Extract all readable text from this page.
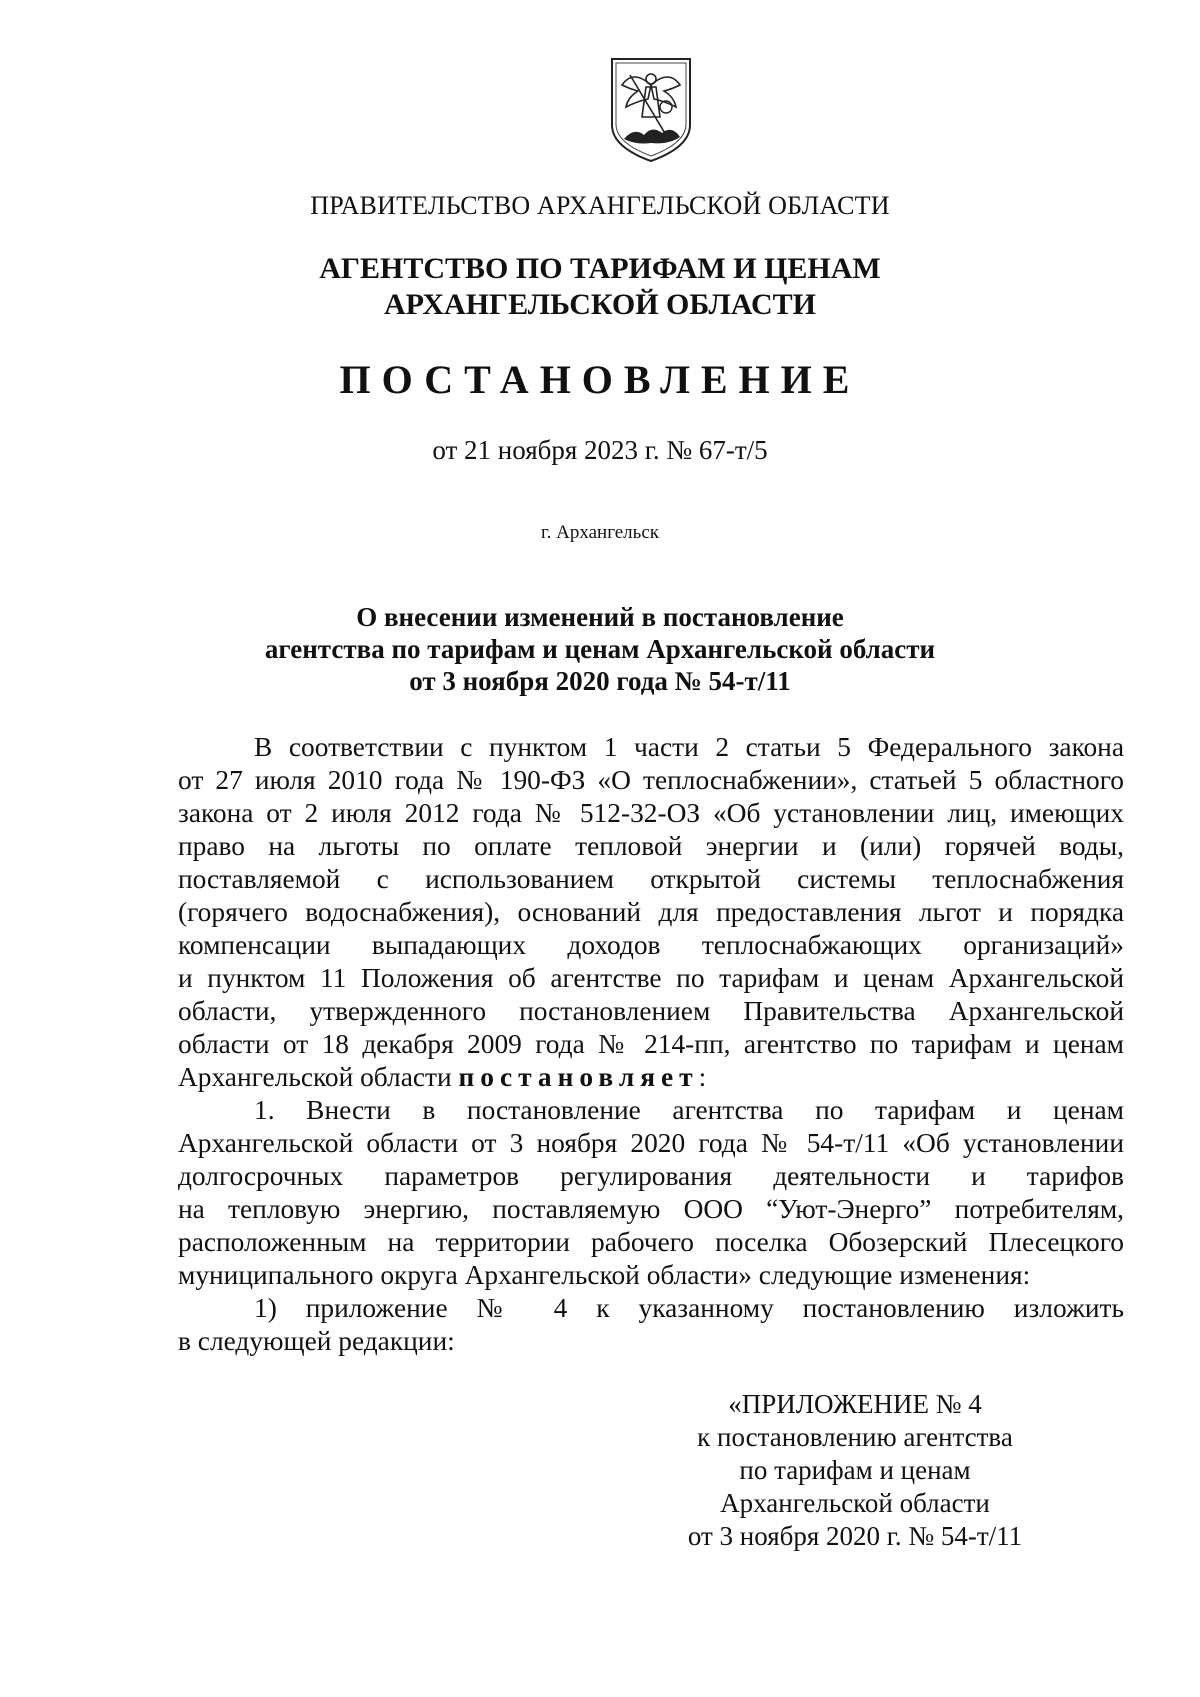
ПРАВИТЕЛЬСТВО АРХАНГЕЛЬСКОЙ ОБЛАСТИ
АГЕНТСТВО ПО ТАРИФАМ И ЦЕНАМ
АРХАНГЕЛЬСКОЙ ОБЛАСТИ
ПОСТАНОВЛЕНИЕ
от 21 ноября 2023 г. № 67-т/5
г. Архангельск
О внесении изменений в постановление
агентства по тарифам и ценам Архангельской области
от 3 ноября 2020 года № 54-т/11
В соответствии с пунктом 1 части 2 статьи 5 Федерального закона
от 27 июля 2010 года № 190-ФЗ «О теплоснабжении», статьей 5 областного
закона от 2 июля 2012 года № 512-32-ОЗ «Об установлении лиц, имеющих
право на льготы по оплате тепловой энергии и (или) горячей воды,
поставляемой с использованием открытой системы теплоснабжения
(горячего водоснабжения), оснований для предоставления льгот и порядка
компенсации выпадающих доходов теплоснабжающих организаций»
и пунктом 11 Положения об агентстве по тарифам и ценам Архангельской
области, утвержденного постановлением Правительства Архангельской
области от 18 декабря 2009 года № 214-пп, агентство по тарифам и ценам
Архангельской области постановляет:
1. Внести в постановление агентства по тарифам и ценам
Архангельской области от 3 ноября 2020 года № 54-т/11 «Об установлении
долгосрочных параметров регулирования деятельности и тарифов
на тепловую энергию, поставляемую ООО “Уют-Энерго” потребителям,
расположенным на территории рабочего поселка Обозерский Плесецкого
муниципального округа Архангельской области» следующие изменения:
1) приложение № 4 к указанному постановлению изложить
в следующей редакции:
«ПРИЛОЖЕНИЕ № 4
к постановлению агентства
по тарифам и ценам
Архангельской области
от 3 ноября 2020 г. № 54-т/11
